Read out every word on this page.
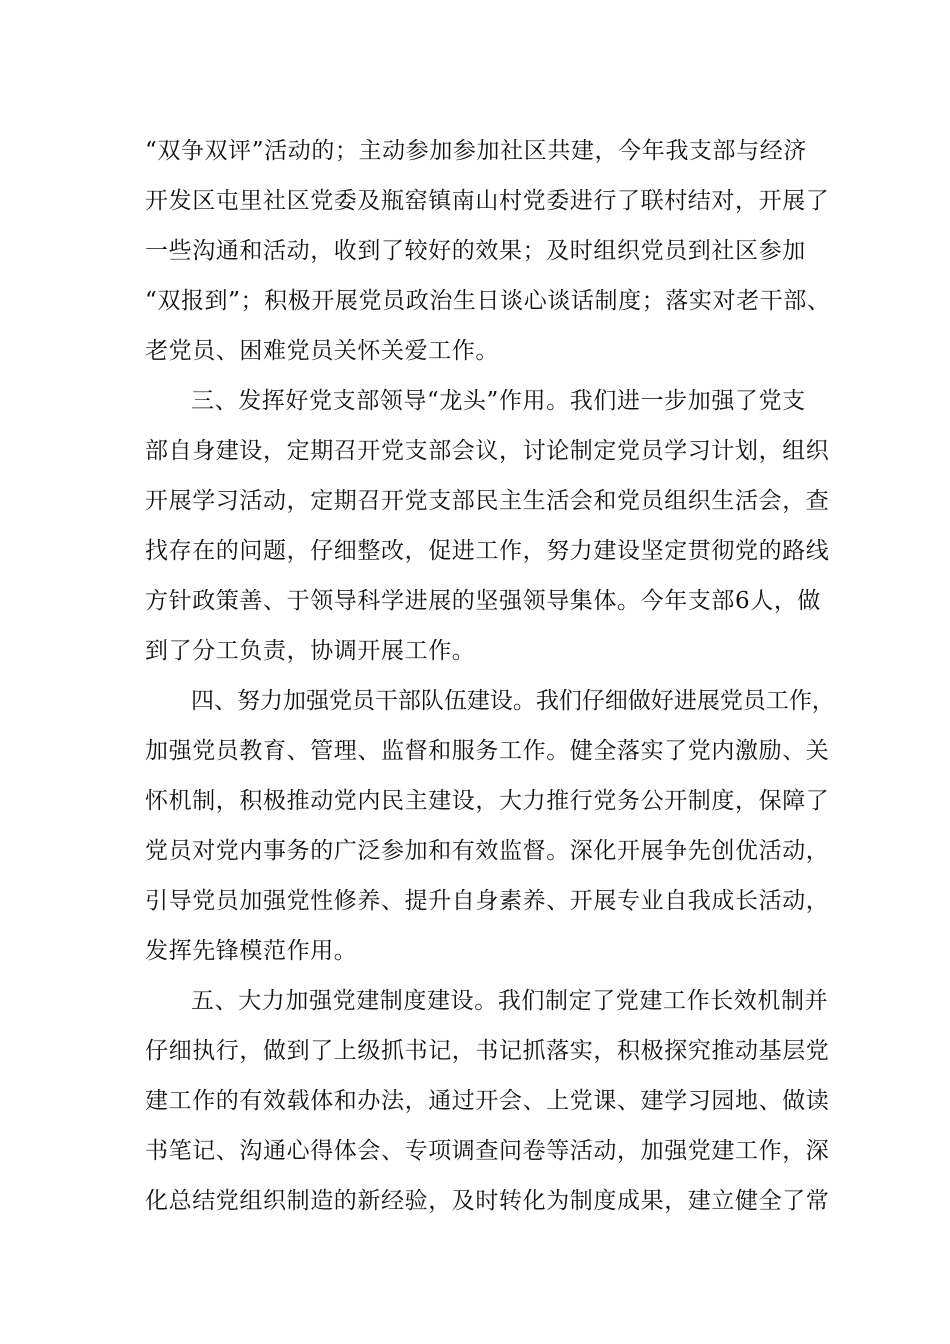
“双争双评”活动的；主动参加参加社区共建，今年我支部与经济
开发区屯里社区党委及瓶窑镇南山村党委进行了联村结对，开展了
一些沟通和活动，收到了较好的效果；及时组织党员到社区参加
“双报到”；积极开展党员政治生日谈心谈话制度；落实对老干部、
老党员、困难党员关怀关爱工作。
三、发挥好党支部领导“龙头”作用。我们进一步加强了党支
部自身建设，定期召开党支部会议，讨论制定党员学习计划，组织
开展学习活动，定期召开党支部民主生活会和党员组织生活会，查
找存在的问题，仔细整改，促进工作，努力建设坚定贯彻党的路线
方针政策善、于领导科学进展的坚强领导集体。今年支部6人，做
到了分工负责，协调开展工作。
四、努力加强党员干部队伍建设。我们仔细做好进展党员工作，
加强党员教育、管理、监督和服务工作。健全落实了党内激励、关
怀机制，积极推动党内民主建设，大力推行党务公开制度，保障了
党员对党内事务的广泛参加和有效监督。深化开展争先创优活动，
引导党员加强党性修养、提升自身素养、开展专业自我成长活动，
发挥先锋模范作用。
五、大力加强党建制度建设。我们制定了党建工作长效机制并
仔细执行，做到了上级抓书记，书记抓落实，积极探究推动基层党
建工作的有效载体和办法，通过开会、上党课、建学习园地、做读
书笔记、沟通心得体会、专项调查问卷等活动，加强党建工作，深
化总结党组织制造的新经验，及时转化为制度成果，建立健全了常
